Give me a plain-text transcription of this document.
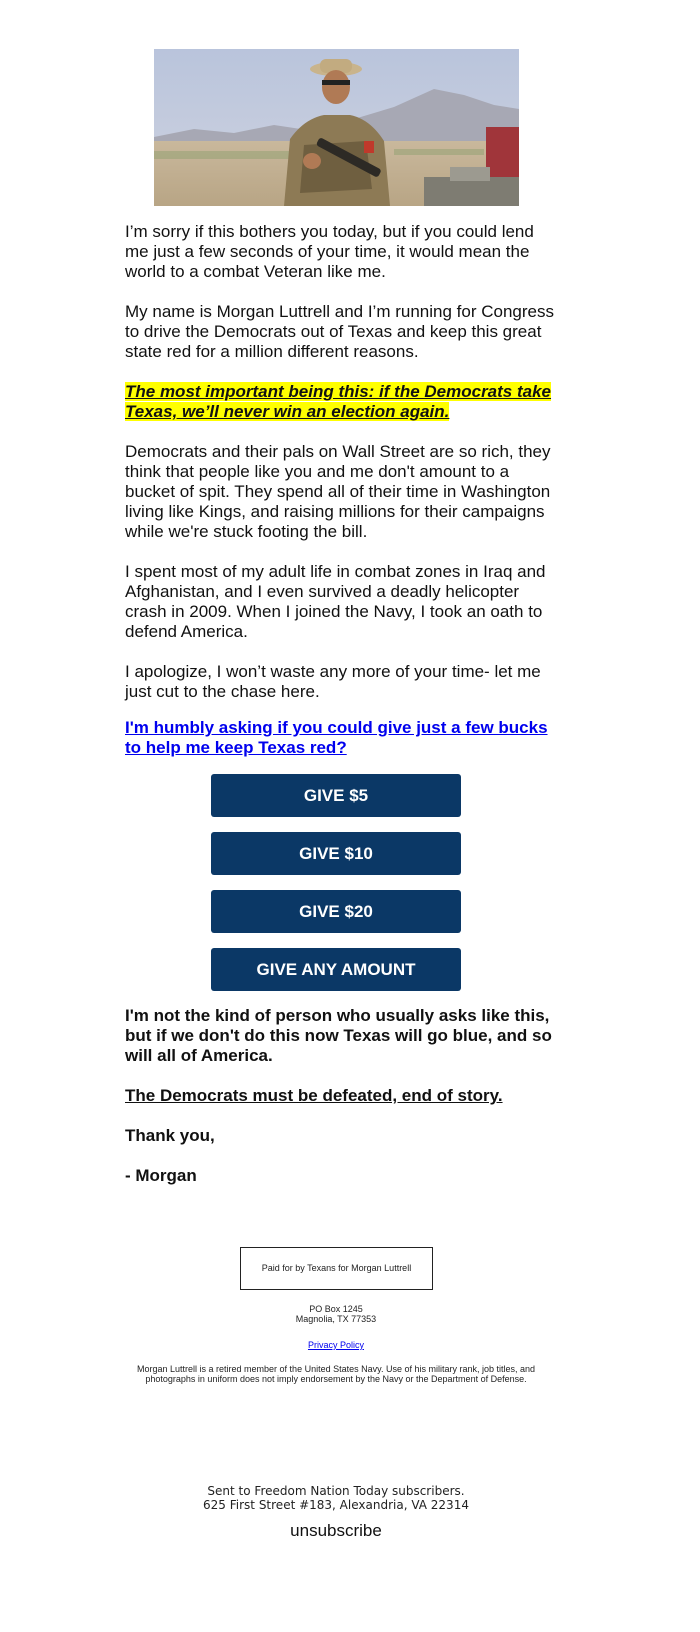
I’m sorry if this bothers you today, but if you could lend me just a few seconds of your time, it would mean the world to a combat Veteran like me.

My name is Morgan Luttrell and I’m running for Congress to drive the Democrats out of Texas and keep this great state red for a million different reasons.

The most important being this: if the Democrats take Texas, we’ll never win an election again.

Democrats and their pals on Wall Street are so rich, they think that people like you and me don't amount to a bucket of spit. They spend all of their time in Washington living like Kings, and raising millions for their campaigns while we're stuck footing the bill.

I spent most of my adult life in combat zones in Iraq and Afghanistan, and I even survived a deadly helicopter crash in 2009. When I joined the Navy, I took an oath to defend America.

I apologize, I won’t waste any more of your time- let me just cut to the chase here.

I'm humbly asking if you could give just a few bucks to help me keep Texas red?
GIVE $5
GIVE $10
GIVE $20
GIVE ANY AMOUNT

I'm not the kind of person who usually asks like this, but if we don't do this now Texas will go blue, and so will all of America.

The Democrats must be defeated, end of story.

Thank you,

- Morgan

Paid for by Texans for Morgan Luttrell
PO Box 1245
Magnolia, TX 77353
Privacy Policy
Morgan Luttrell is a retired member of the United States Navy. Use of his military rank, job titles, and photographs in uniform does not imply endorsement by the Navy or the Department of Defense.
Sent to Freedom Nation Today subscribers.
625 First Street #183, Alexandria, VA 22314
unsubscribe
